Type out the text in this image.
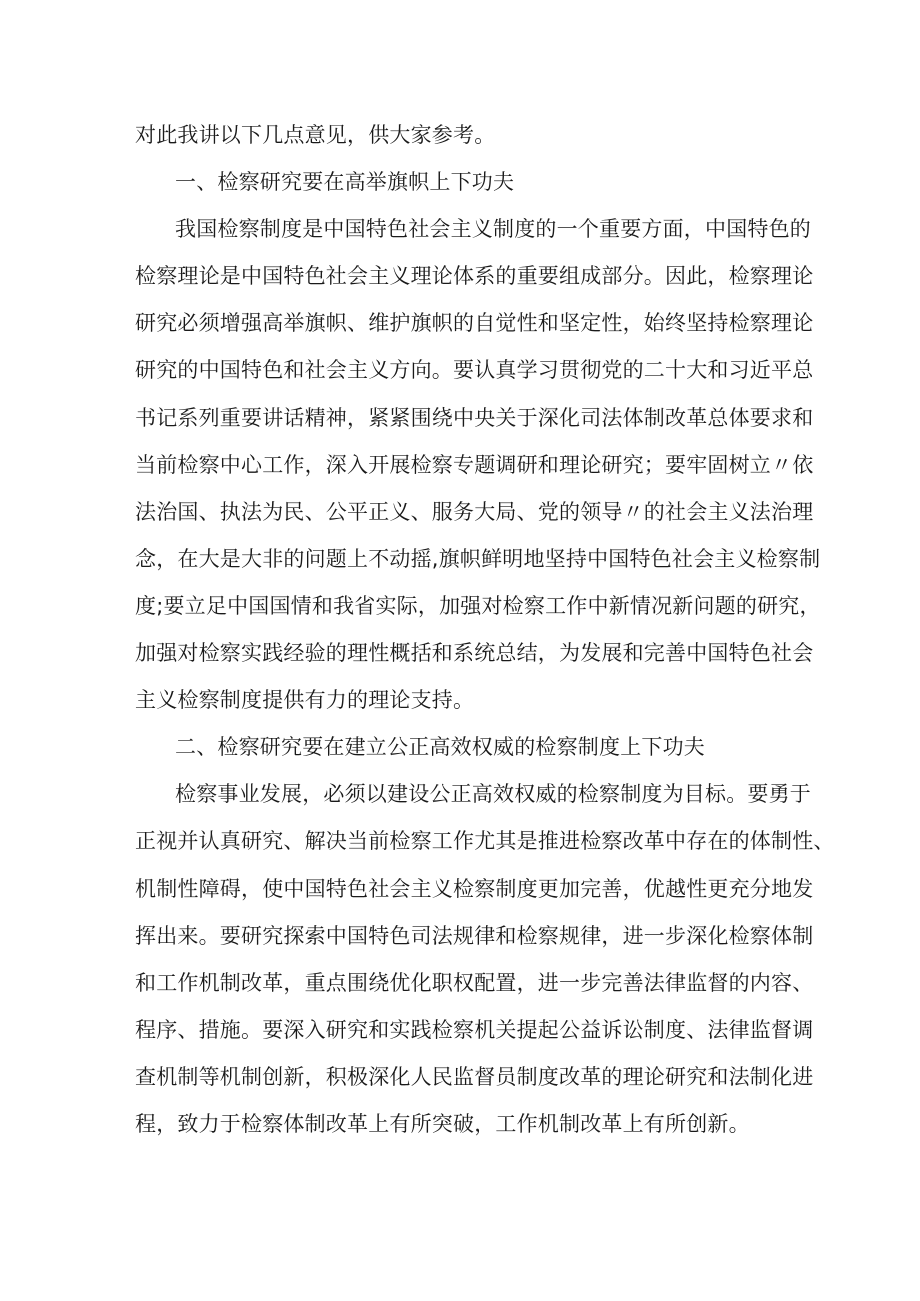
对此我讲以下几点意见，供大家参考。
一、检察研究要在高举旗帜上下功夫
我国检察制度是中国特色社会主义制度的一个重要方面，中国特色的
检察理论是中国特色社会主义理论体系的重要组成部分。因此，检察理论
研究必须增强高举旗帜、维护旗帜的自觉性和坚定性，始终坚持检察理论
研究的中国特色和社会主义方向。要认真学习贯彻党的二十大和习近平总
书记系列重要讲话精神，紧紧围绕中央关于深化司法体制改革总体要求和
当前检察中心工作，深入开展检察专题调研和理论研究；要牢固树立〃依
法治国、执法为民、公平正义、服务大局、党的领导〃的社会主义法治理
念，在大是大非的问题上不动摇,旗帜鲜明地坚持中国特色社会主义检察制
度;要立足中国国情和我省实际，加强对检察工作中新情况新问题的研究，
加强对检察实践经验的理性概括和系统总结，为发展和完善中国特色社会
主义检察制度提供有力的理论支持。
二、检察研究要在建立公正高效权威的检察制度上下功夫
检察事业发展，必须以建设公正高效权威的检察制度为目标。要勇于
正视并认真研究、解决当前检察工作尤其是推进检察改革中存在的体制性、
机制性障碍，使中国特色社会主义检察制度更加完善，优越性更充分地发
挥出来。要研究探索中国特色司法规律和检察规律，进一步深化检察体制
和工作机制改革，重点围绕优化职权配置，进一步完善法律监督的内容、
程序、措施。要深入研究和实践检察机关提起公益诉讼制度、法律监督调
查机制等机制创新，积极深化人民监督员制度改革的理论研究和法制化进
程，致力于检察体制改革上有所突破，工作机制改革上有所创新。
